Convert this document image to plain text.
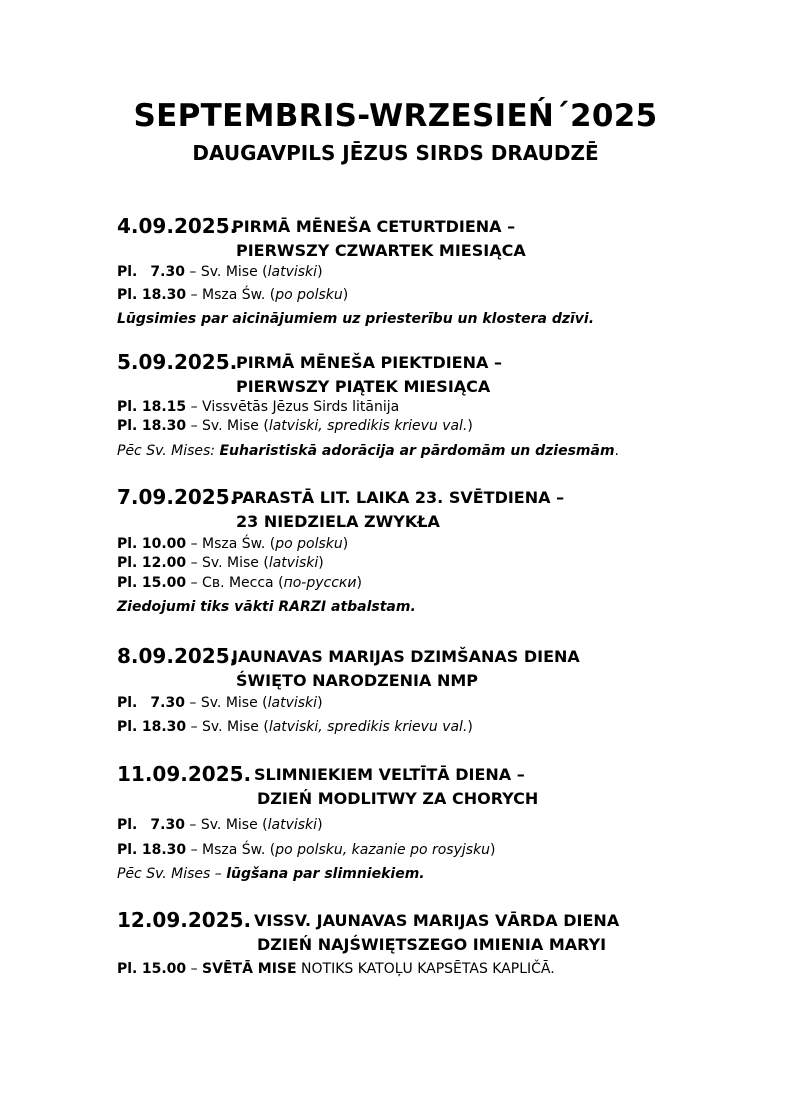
SEPTEMBRIS-WRZESIEŃ´2025
DAUGAVPILS JĒZUS SIRDS DRAUDZĒ
4.09.2025.
PIRMĀ MĒNEŠA CETURTDIENA –
PIERWSZY CZWARTEK MIESIĄCA
Pl. 7.30 – Sv. Mise (latviski)
Pl. 18.30 – Msza Św. (po polsku)
Lūgsimies par aicinājumiem uz priesterību un klostera dzīvi.
5.09.2025.
PIRMĀ MĒNEŠA PIEKTDIENA –
PIERWSZY PIĄTEK MIESIĄCA
Pl. 18.15 – Vissvētās Jēzus Sirds litānija
Pl. 18.30 – Sv. Mise (latviski, spredikis krievu val.)
Pēc Sv. Mises: Euharistiskā adorācija ar pārdomām un dziesmām.
7.09.2025.
PARASTĀ LIT. LAIKA 23. SVĒTDIENA –
23 NIEDZIELA ZWYKŁA
Pl. 10.00 – Msza Św. (po polsku)
Pl. 12.00 – Sv. Mise (latviski)
Pl. 15.00 – Св. Месса (по-русски)
Ziedojumi tiks vākti RARZI atbalstam.
8.09.2025.
JAUNAVAS MARIJAS DZIMŠANAS DIENA
ŚWIĘTO NARODZENIA NMP
Pl. 7.30 – Sv. Mise (latviski)
Pl. 18.30 – Sv. Mise (latviski, spredikis krievu val.)
11.09.2025. SLIMNIEKIEM VELTĪTĀ DIENA –
DZIEŃ MODLITWY ZA CHORYCH
Pl. 7.30 – Sv. Mise (latviski)
Pl. 18.30 – Msza Św. (po polsku, kazanie po rosyjsku)
Pēc Sv. Mises – lūgšana par slimniekiem.
12.09.2025. VISSV. JAUNAVAS MARIJAS VĀRDA DIENA
DZIEŃ NAJŚWIĘTSZEGO IMIENIA MARYI
Pl. 15.00 – SVĒTĀ MISE NOTIKS KATOĻU KAPSĒTAS KAPLIČĀ.
